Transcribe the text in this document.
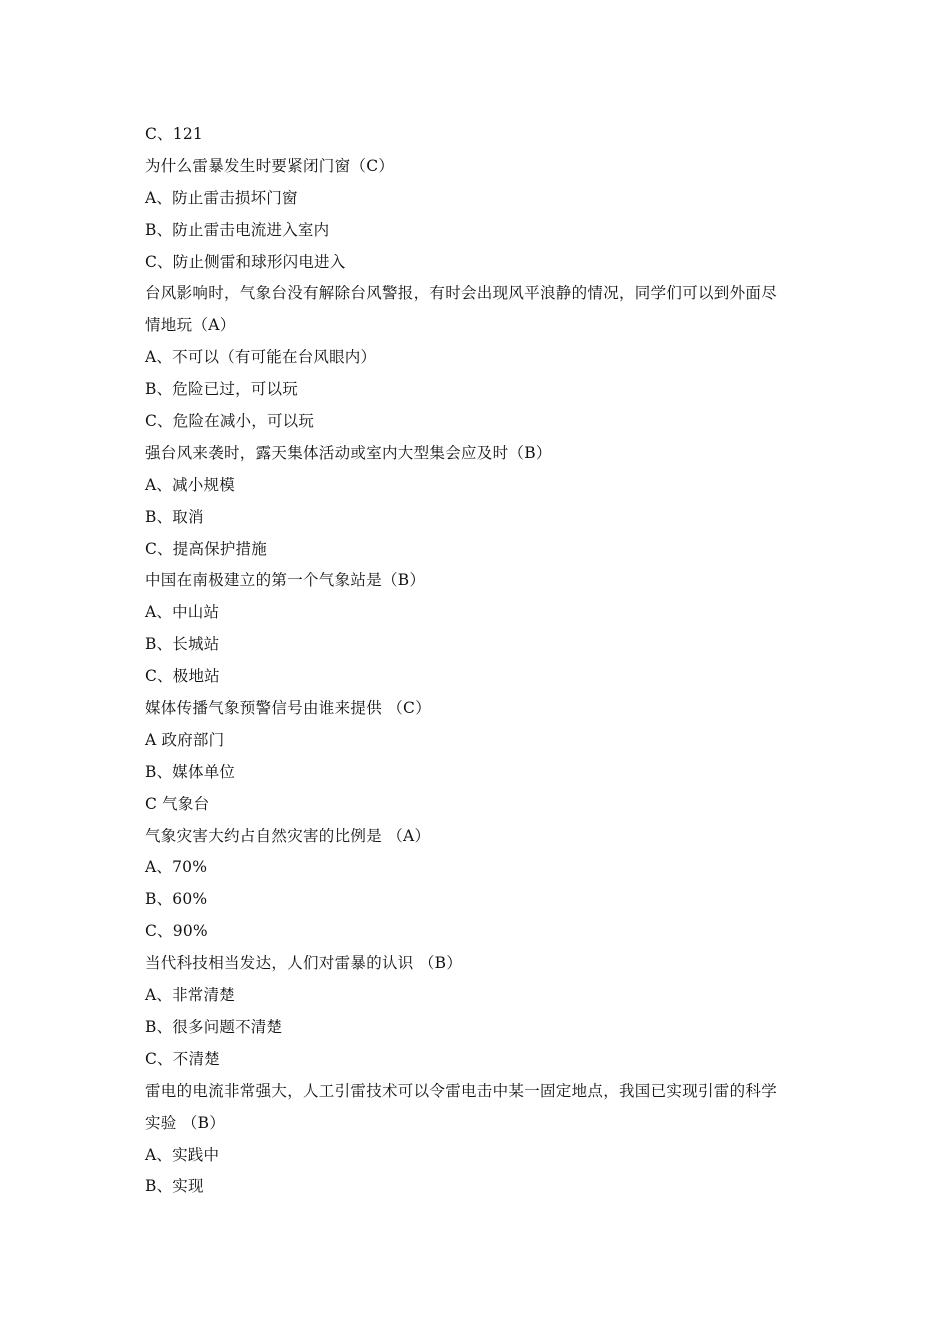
C、121
为什么雷暴发生时要紧闭门窗（C）
A、防止雷击损坏门窗
B、防止雷击电流进入室内
C、防止侧雷和球形闪电进入
台风影响时，气象台没有解除台风警报，有时会出现风平浪静的情况，同学们可以到外面尽
情地玩（A）
A、不可以（有可能在台风眼内）
B、危险已过，可以玩
C、危险在减小，可以玩
强台风来袭时，露天集体活动或室内大型集会应及时（B）
A、减小规模
B、取消
C、提高保护措施
中国在南极建立的第一个气象站是（B）
A、中山站
B、长城站
C、极地站
媒体传播气象预警信号由谁来提供 （C）
A 政府部门
B、媒体单位
C 气象台
气象灾害大约占自然灾害的比例是 （A）
A、70%
B、60%
C、90%
当代科技相当发达，人们对雷暴的认识 （B）
A、非常清楚
B、很多问题不清楚
C、不清楚
雷电的电流非常强大，人工引雷技术可以令雷电击中某一固定地点，我国已实现引雷的科学
实验 （B）
A、实践中
B、实现
